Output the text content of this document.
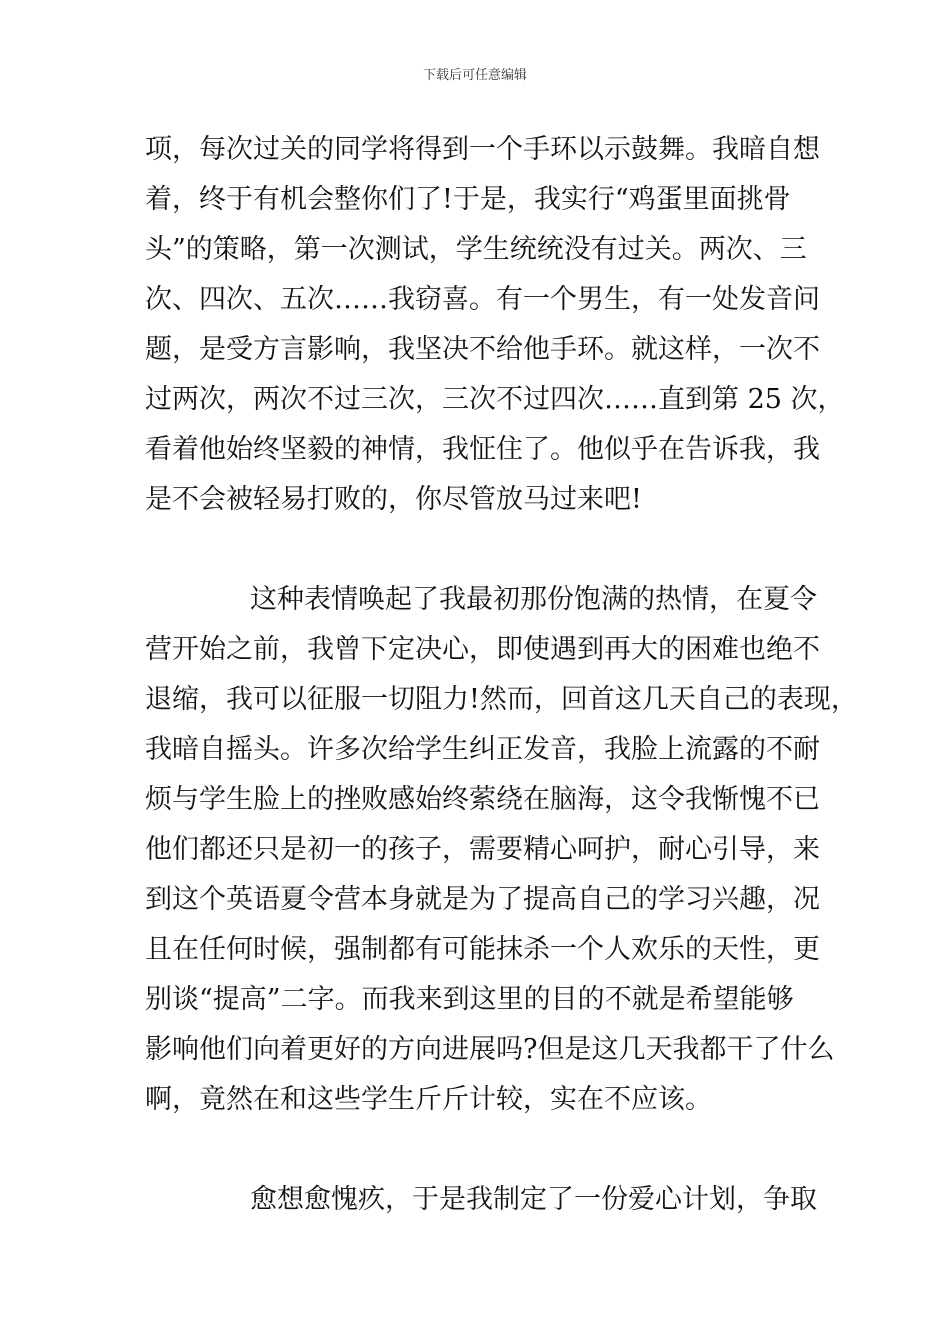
下载后可任意编辑
项，每次过关的同学将得到一个手环以示鼓舞。我暗自想
着，终于有机会整你们了!于是，我实行“鸡蛋里面挑骨
头”的策略，第一次测试，学生统统没有过关。两次、三
次、四次、五次……我窃喜。有一个男生，有一处发音问
题，是受方言影响，我坚决不给他手环。就这样，一次不
过两次，两次不过三次，三次不过四次……直到第 25 次，
看着他始终坚毅的神情，我怔住了。他似乎在告诉我，我
是不会被轻易打败的，你尽管放马过来吧!
这种表情唤起了我最初那份饱满的热情，在夏令
营开始之前，我曾下定决心，即使遇到再大的困难也绝不
退缩，我可以征服一切阻力!然而，回首这几天自己的表现，
我暗自摇头。许多次给学生纠正发音，我脸上流露的不耐
烦与学生脸上的挫败感始终萦绕在脑海，这令我惭愧不已
他们都还只是初一的孩子，需要精心呵护，耐心引导，来
到这个英语夏令营本身就是为了提高自己的学习兴趣，况
且在任何时候，强制都有可能抹杀一个人欢乐的天性，更
别谈“提高”二字。而我来到这里的目的不就是希望能够
影响他们向着更好的方向进展吗?但是这几天我都干了什么
啊，竟然在和这些学生斤斤计较，实在不应该。
愈想愈愧疚，于是我制定了一份爱心计划，争取
